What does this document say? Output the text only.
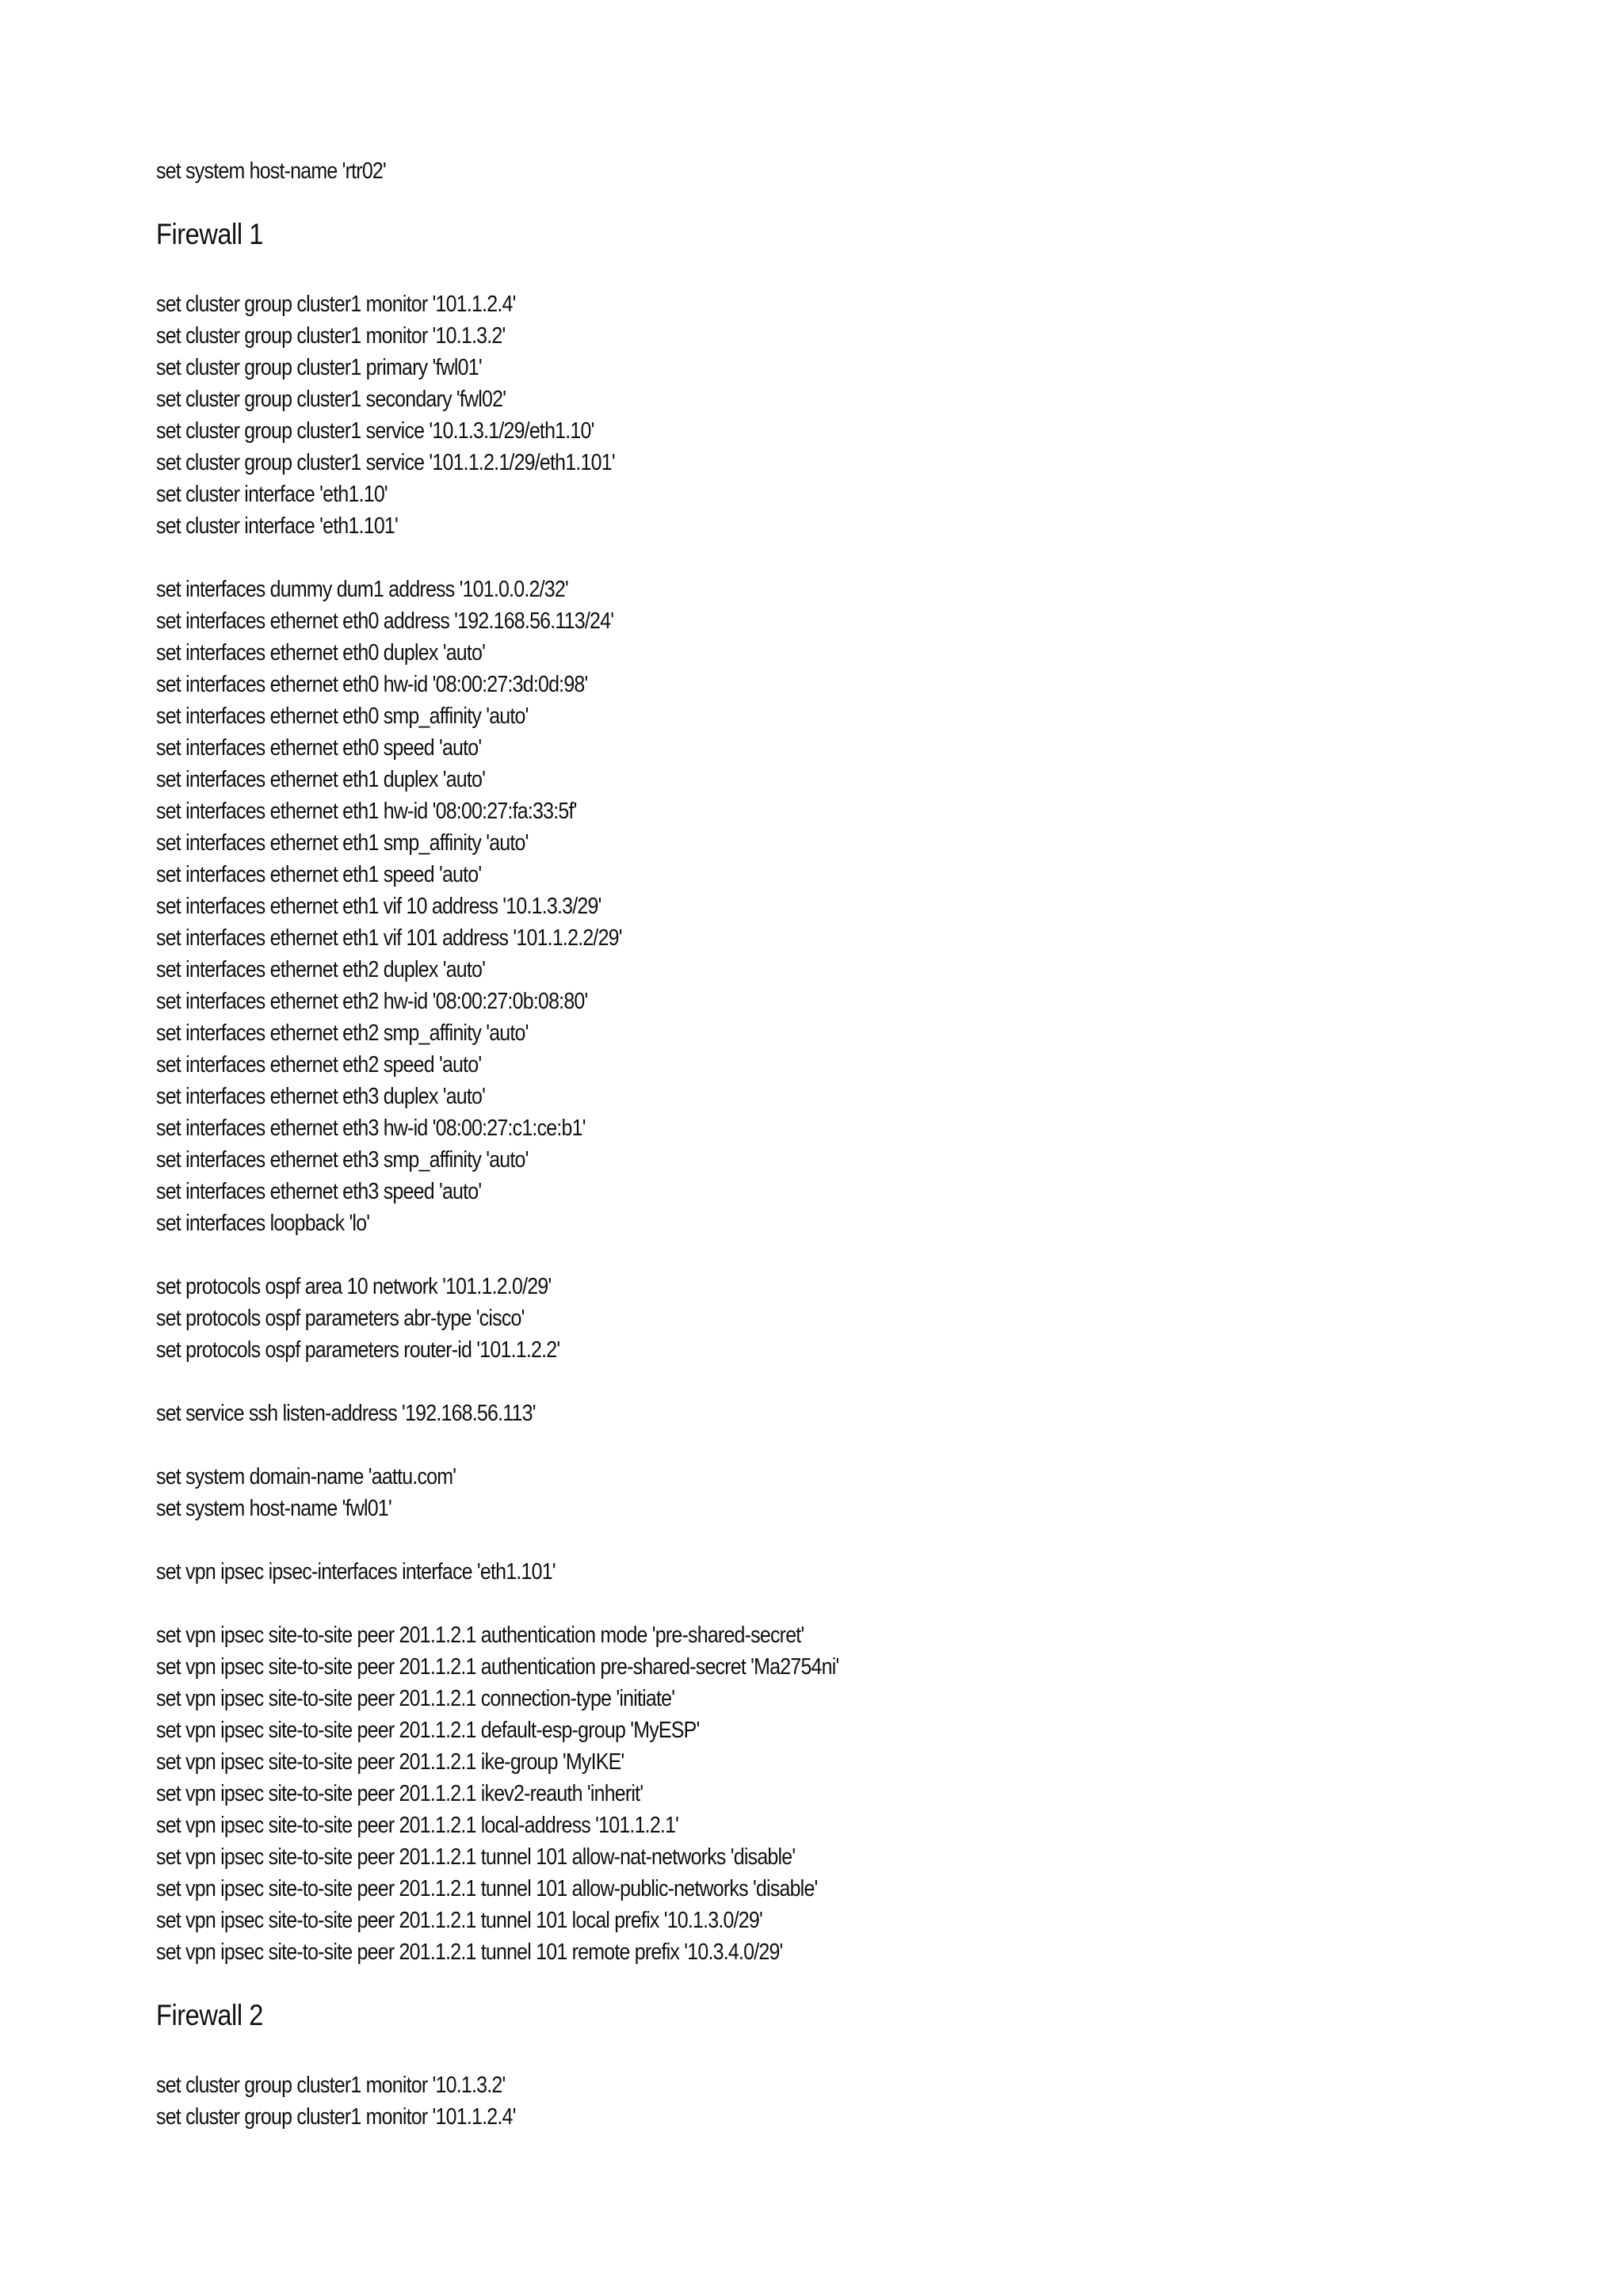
set system host-name 'rtr02'
Firewall 1
set cluster group cluster1 monitor '101.1.2.4'
set cluster group cluster1 monitor '10.1.3.2'
set cluster group cluster1 primary 'fwl01'
set cluster group cluster1 secondary 'fwl02'
set cluster group cluster1 service '10.1.3.1/29/eth1.10'
set cluster group cluster1 service '101.1.2.1/29/eth1.101'
set cluster interface 'eth1.10'
set cluster interface 'eth1.101'
set interfaces dummy dum1 address '101.0.0.2/32'
set interfaces ethernet eth0 address '192.168.56.113/24'
set interfaces ethernet eth0 duplex 'auto'
set interfaces ethernet eth0 hw-id '08:00:27:3d:0d:98'
set interfaces ethernet eth0 smp_affinity 'auto'
set interfaces ethernet eth0 speed 'auto'
set interfaces ethernet eth1 duplex 'auto'
set interfaces ethernet eth1 hw-id '08:00:27:fa:33:5f'
set interfaces ethernet eth1 smp_affinity 'auto'
set interfaces ethernet eth1 speed 'auto'
set interfaces ethernet eth1 vif 10 address '10.1.3.3/29'
set interfaces ethernet eth1 vif 101 address '101.1.2.2/29'
set interfaces ethernet eth2 duplex 'auto'
set interfaces ethernet eth2 hw-id '08:00:27:0b:08:80'
set interfaces ethernet eth2 smp_affinity 'auto'
set interfaces ethernet eth2 speed 'auto'
set interfaces ethernet eth3 duplex 'auto'
set interfaces ethernet eth3 hw-id '08:00:27:c1:ce:b1'
set interfaces ethernet eth3 smp_affinity 'auto'
set interfaces ethernet eth3 speed 'auto'
set interfaces loopback 'lo'
set protocols ospf area 10 network '101.1.2.0/29'
set protocols ospf parameters abr-type 'cisco'
set protocols ospf parameters router-id '101.1.2.2'
set service ssh listen-address '192.168.56.113'
set system domain-name 'aattu.com'
set system host-name 'fwl01'
set vpn ipsec ipsec-interfaces interface 'eth1.101'
set vpn ipsec site-to-site peer 201.1.2.1 authentication mode 'pre-shared-secret'
set vpn ipsec site-to-site peer 201.1.2.1 authentication pre-shared-secret 'Ma2754ni'
set vpn ipsec site-to-site peer 201.1.2.1 connection-type 'initiate'
set vpn ipsec site-to-site peer 201.1.2.1 default-esp-group 'MyESP'
set vpn ipsec site-to-site peer 201.1.2.1 ike-group 'MyIKE'
set vpn ipsec site-to-site peer 201.1.2.1 ikev2-reauth 'inherit'
set vpn ipsec site-to-site peer 201.1.2.1 local-address '101.1.2.1'
set vpn ipsec site-to-site peer 201.1.2.1 tunnel 101 allow-nat-networks 'disable'
set vpn ipsec site-to-site peer 201.1.2.1 tunnel 101 allow-public-networks 'disable'
set vpn ipsec site-to-site peer 201.1.2.1 tunnel 101 local prefix '10.1.3.0/29'
set vpn ipsec site-to-site peer 201.1.2.1 tunnel 101 remote prefix '10.3.4.0/29'
Firewall 2
set cluster group cluster1 monitor '10.1.3.2'
set cluster group cluster1 monitor '101.1.2.4'
